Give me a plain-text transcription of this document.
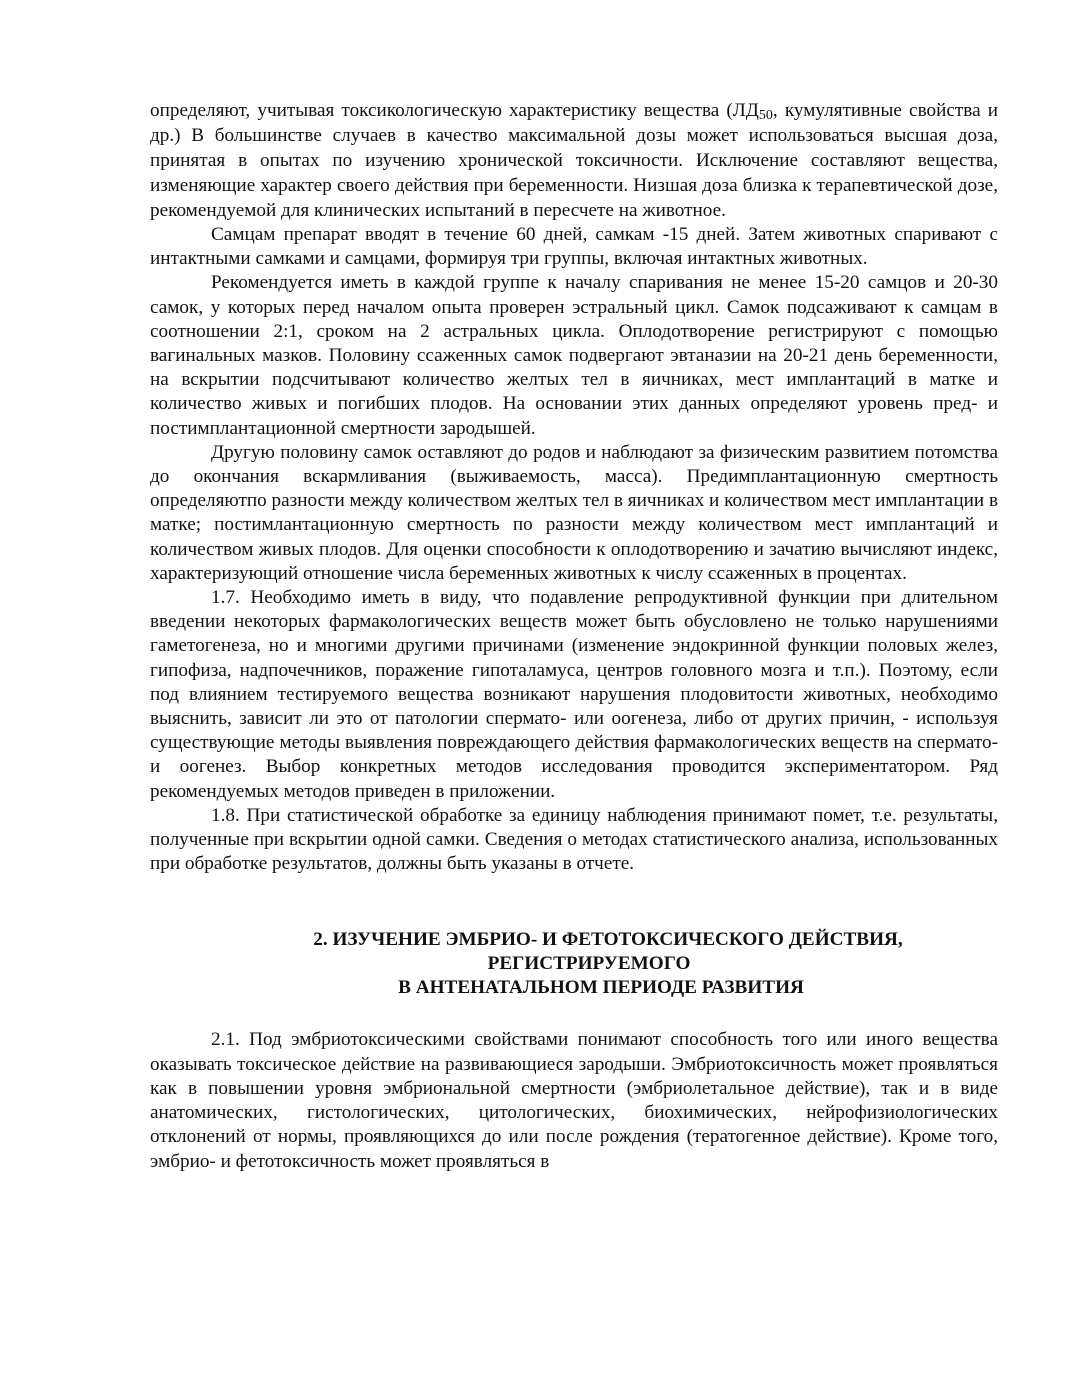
определяют, учитывая токсикологическую характеристику вещества ($ЛД_{50}$, кумулятивные свойства и др.) В большинстве случаев в качество максимальной дозы может использоваться высшая доза, принятая в опытах по изучению хронической токсичности. Исключение составляют вещества, изменяющие характер своего действия при беременности. Низшая доза близка к терапевтической дозе, рекомендуемой для клинических испытаний в пересчете на животное.

Самцам препарат вводят в течение 60 дней, самкам -15 дней. Затем животных спаривают с интактными самками и самцами, формируя три группы, включая интактных животных.

Рекомендуется иметь в каждой группе к началу спаривания не менее 15-20 самцов и 20-30 самок, у которых перед началом опыта проверен эстральный цикл. Самок подсаживают к самцам в соотношении 2:1, сроком на 2 астральных цикла. Оплодотворение регистрируют с помощью вагинальных мазков. Половину ссаженных самок подвергают эвтаназии на 20-21 день беременности, на вскрытии подсчитывают количество желтых тел в яичниках, мест имплантаций в матке и количество живых и погибших плодов. На основании этих данных определяют уровень пред- и постимплантационной смертности зародышей.

Другую половину самок оставляют до родов и наблюдают за физическим развитием потомства до окончания вскармливания (выживаемость, масса). Предимплантационную смертность определяютпо разности между количеством желтых тел в яичниках и количеством мест имплантации в матке; постимлантационную смертность по разности между количеством мест имплантаций и количеством живых плодов. Для оценки способности к оплодотворению и зачатию вычисляют индекс, характеризующий отношение числа беременных животных к числу ссаженных в процентах.

1.7. Необходимо иметь в виду, что подавление репродуктивной функции при длительном введении некоторых фармакологических веществ может быть обусловлено не только нарушениями гаметогенеза, но и многими другими причинами (изменение эндокринной функции половых желез, гипофиза, надпочечников, поражение гипоталамуса, центров головного мозга и т.п.). Поэтому, если под влиянием тестируемого вещества возникают нарушения плодовитости животных, необходимо выяснить, зависит ли это от патологии спермато- или оогенеза, либо от других причин, - используя существующие методы выявления повреждающего действия фармакологических веществ на спермато- и оогенез. Выбор конкретных методов исследования проводится экспериментатором. Ряд рекомендуемых методов приведен в приложении.

1.8. При статистической обработке за единицу наблюдения принимают помет, т.е. результаты, полученные при вскрытии одной самки. Сведения о методах статистического анализа, использованных при обработке результатов, должны быть указаны в отчете.

2. ИЗУЧЕНИЕ ЭМБРИО- И ФЕТОТОКСИЧЕСКОГО ДЕЙСТВИЯ,
РЕГИСТРИРУЕМОГО
В АНТЕНАТАЛЬНОМ ПЕРИОДЕ РАЗВИТИЯ

2.1. Под эмбриотоксическими свойствами понимают способность того или иного вещества оказывать токсическое действие на развивающиеся зародыши. Эмбриотоксичность может проявляться как в повышении уровня эмбриональной смертности (эмбриолетальное действие), так и в виде анатомических, гистологических, цитологических, биохимических, нейрофизиологических отклонений от нормы, проявляющихся до или после рождения (тератогенное действие). Кроме того, эмбрио- и фетотоксичность может проявляться в
